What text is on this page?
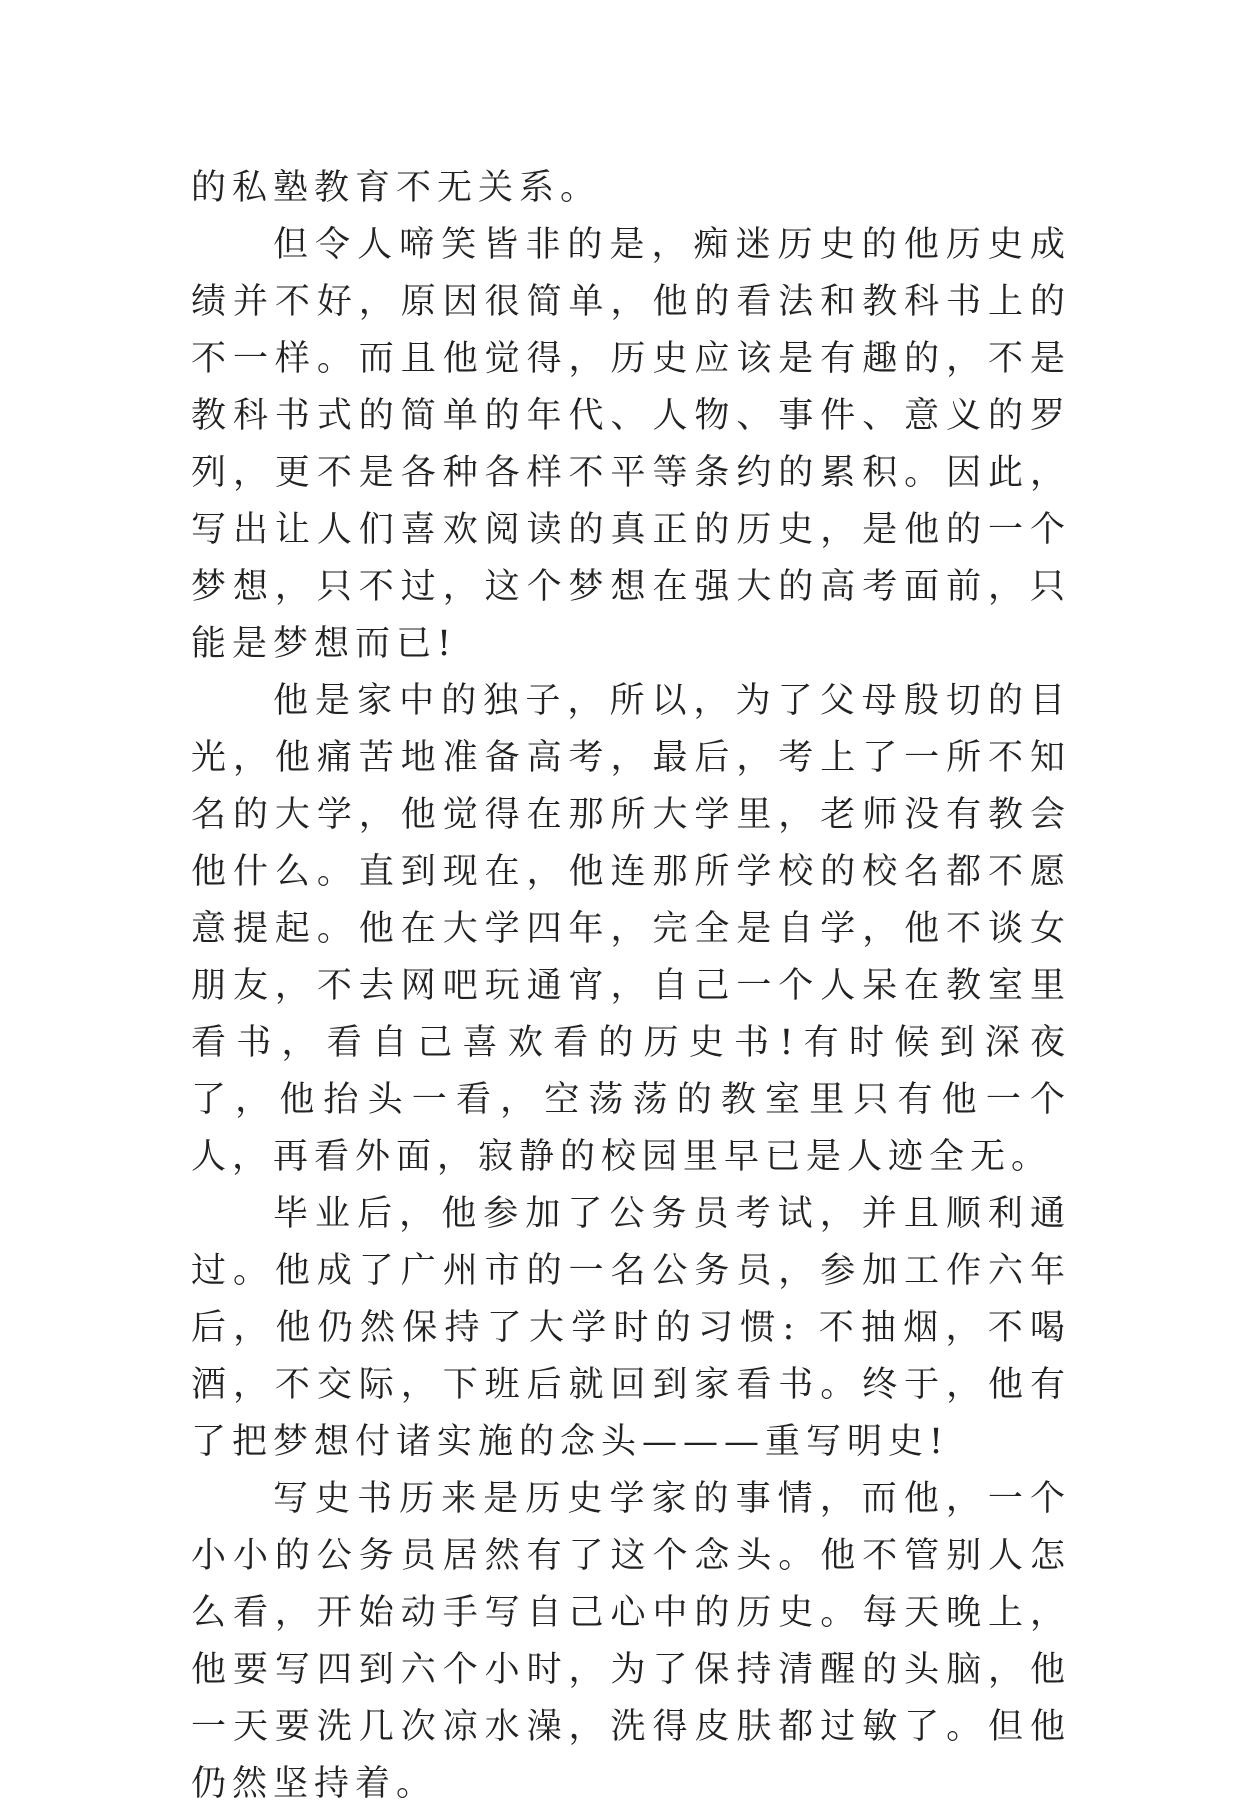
的私塾教育不无关系。

但令人啼笑皆非的是，痴迷历史的他历史成绩并不好，原因很简单，他的看法和教科书上的不一样。而且他觉得，历史应该是有趣的，不是教科书式的简单的年代、人物、事件、意义的罗列，更不是各种各样不平等条约的累积。因此，写出让人们喜欢阅读的真正的历史，是他的一个梦想，只不过，这个梦想在强大的高考面前，只能是梦想而已!

他是家中的独子，所以，为了父母殷切的目光，他痛苦地准备高考，最后，考上了一所不知名的大学，他觉得在那所大学里，老师没有教会他什么。直到现在，他连那所学校的校名都不愿意提起。他在大学四年，完全是自学，他不谈女朋友，不去网吧玩通宵，自己一个人呆在教室里看书，看自己喜欢看的历史书!有时候到深夜了，他抬头一看，空荡荡的教室里只有他一个人，再看外面，寂静的校园里早已是人迹全无。

毕业后，他参加了公务员考试，并且顺利通过。他成了广州市的一名公务员，参加工作六年后，他仍然保持了大学时的习惯: 不抽烟，不喝酒，不交际，下班后就回到家看书。终于，他有了把梦想付诸实施的念头———重写明史!

写史书历来是历史学家的事情，而他，一个小小的公务员居然有了这个念头。他不管别人怎么看，开始动手写自己心中的历史。每天晚上，他要写四到六个小时，为了保持清醒的头脑，他一天要洗几次凉水澡，洗得皮肤都过敏了。但他仍然坚持着。
